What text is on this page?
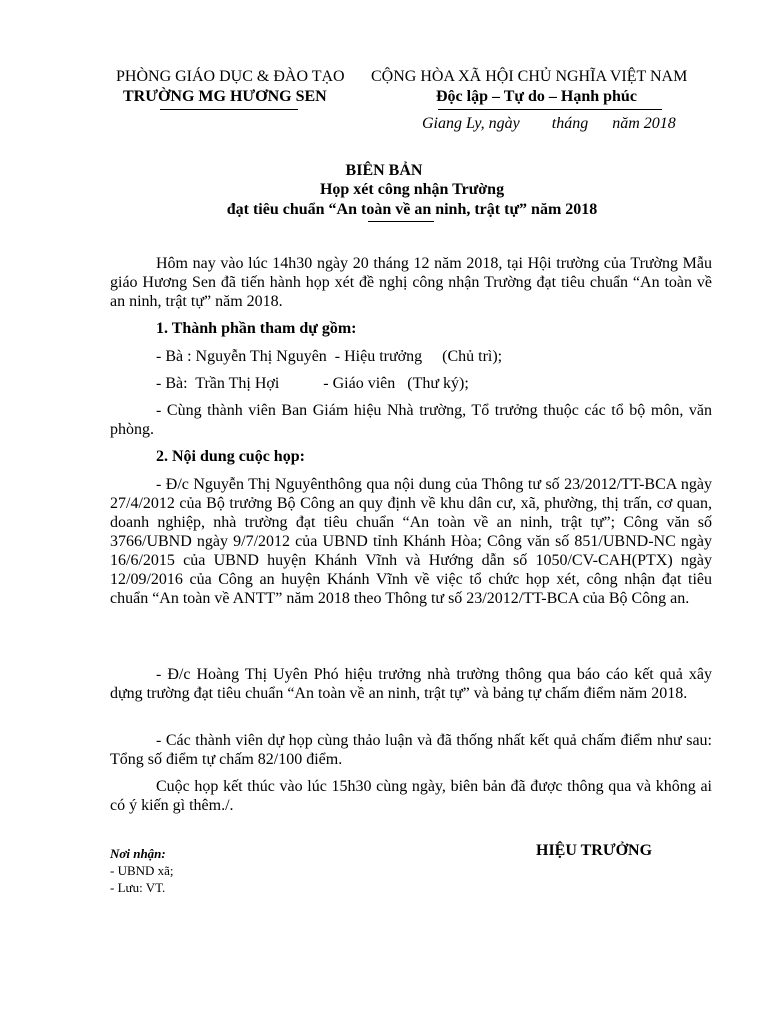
PHÒNG GIÁO DỤC & ĐÀO TẠO
TRƯỜNG MG HƯƠNG SEN
CỘNG HÒA XÃ HỘI CHỦ NGHĨA VIỆT NAM
Độc lập – Tự do – Hạnh phúc
Giang Ly, ngày        tháng      năm 2018
BIÊN BẢN
Họp xét công nhận Trường
đạt tiêu chuẩn “An toàn về an ninh, trật tự” năm 2018
Hôm nay vào lúc 14h30 ngày 20 tháng 12 năm 2018, tại Hội trường của Trường Mẫu giáo Hương Sen đã tiến hành họp xét đề nghị công nhận Trường đạt tiêu chuẩn “An toàn về an ninh, trật tự” năm 2018.
1. Thành phần tham dự gồm:
- Bà : Nguyễn Thị Nguyên  - Hiệu trưởng     (Chủ trì);
- Bà:  Trần Thị Hợi           - Giáo viên   (Thư ký);
- Cùng thành viên Ban Giám hiệu Nhà trường, Tổ trưởng thuộc các tổ bộ môn, văn phòng.
2. Nội dung cuộc họp:
- Đ/c Nguyễn Thị Nguyênthông qua nội dung của Thông tư số 23/2012/TT-BCA ngày 27/4/2012 của Bộ trưởng Bộ Công an quy định về khu dân cư, xã, phường, thị trấn, cơ quan, doanh nghiệp, nhà trường đạt tiêu chuẩn “An toàn về an ninh, trật tự”; Công văn số 3766/UBND ngày 9/7/2012 của UBND tỉnh Khánh Hòa; Công văn số 851/UBND-NC ngày 16/6/2015 của UBND huyện Khánh Vĩnh và Hướng dẫn số 1050/CV-CAH(PTX) ngày 12/09/2016 của Công an huyện Khánh Vĩnh về việc tổ chức họp xét, công nhận đạt tiêu chuẩn “An toàn về ANTT” năm 2018 theo Thông tư số 23/2012/TT-BCA của Bộ Công an.
- Đ/c Hoàng Thị Uyên Phó hiệu trưởng nhà trường thông qua báo cáo kết quả xây dựng trường đạt tiêu chuẩn “An toàn về an ninh, trật tự” và bảng tự chấm điểm năm 2018.
- Các thành viên dự họp cùng thảo luận và đã thống nhất kết quả chấm điểm như sau: Tổng số điểm tự chấm 82/100 điểm.
Cuộc họp kết thúc vào lúc 15h30 cùng ngày, biên bản đã được thông qua và không ai có ý kiến gì thêm./.
Nơi nhận:
- UBND xã;
- Lưu: VT.
HIỆU TRƯỞNG
